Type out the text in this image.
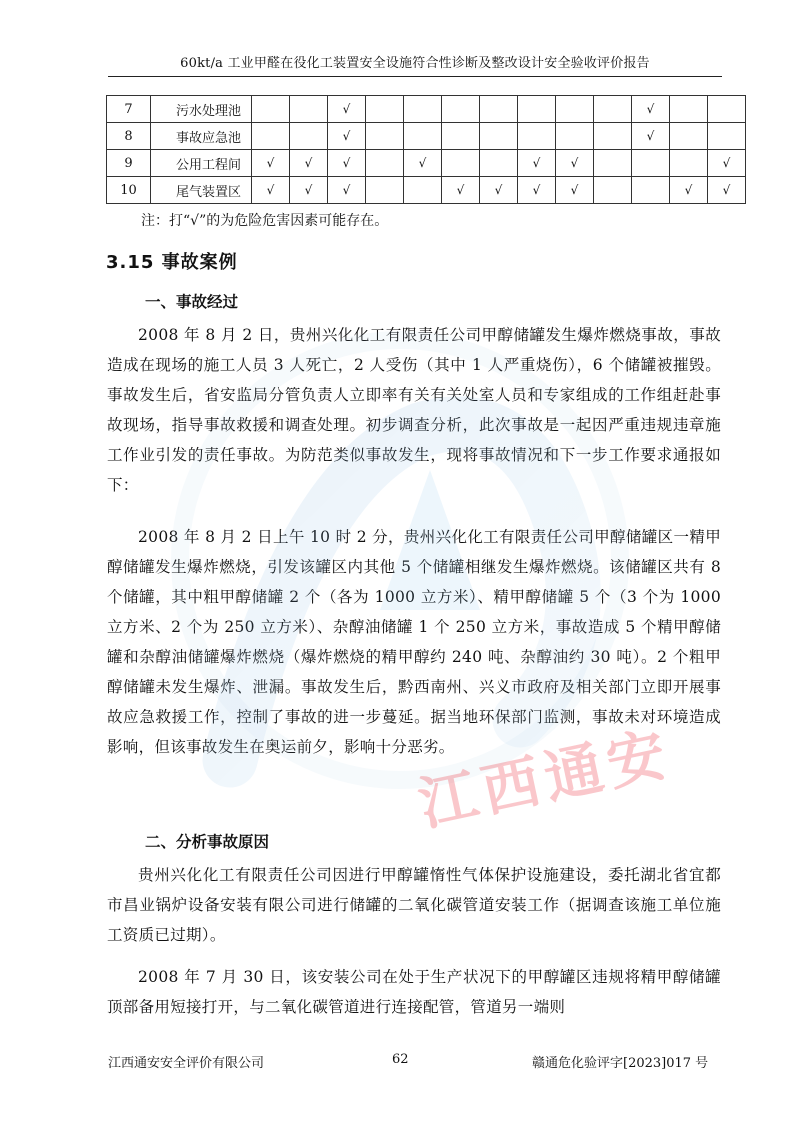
60kt/a 工业甲醛在役化工装置安全设施符合性诊断及整改设计安全验收评价报告
7	污水处理池			√								√		
8	事故应急池			√								√		
9	公用工程间	√	√	√		√			√	√				√
10	尾气装置区	√	√	√			√	√	√	√			√	√
注：打“√”的为危险危害因素可能存在。
3.15 事故案例
一、事故经过

2008 年 8 月 2 日，贵州兴化化工有限责任公司甲醇储罐发生爆炸燃烧事故，事故造成在现场的施工人员 3 人死亡，2 人受伤（其中 1 人严重烧伤），6 个储罐被摧毁。事故发生后，省安监局分管负责人立即率有关有关处室人员和专家组成的工作组赶赴事故现场，指导事故救援和调查处理。初步调查分析，此次事故是一起因严重违规违章施工作业引发的责任事故。为防范类似事故发生，现将事故情况和下一步工作要求通报如下：

2008 年 8 月 2 日上午 10 时 2 分，贵州兴化化工有限责任公司甲醇储罐区一精甲醇储罐发生爆炸燃烧，引发该罐区内其他 5 个储罐相继发生爆炸燃烧。该储罐区共有 8 个储罐，其中粗甲醇储罐 2 个（各为 1000 立方米）、精甲醇储罐 5 个（3 个为 1000 立方米、2 个为 250 立方米）、杂醇油储罐 1 个 250 立方米，事故造成 5 个精甲醇储罐和杂醇油储罐爆炸燃烧（爆炸燃烧的精甲醇约 240 吨、杂醇油约 30 吨）。2 个粗甲醇储罐未发生爆炸、泄漏。事故发生后，黔西南州、兴义市政府及相关部门立即开展事故应急救援工作，控制了事故的进一步蔓延。据当地环保部门监测，事故未对环境造成影响，但该事故发生在奥运前夕，影响十分恶劣。

二、分析事故原因

贵州兴化化工有限责任公司因进行甲醇罐惰性气体保护设施建设，委托湖北省宜都市昌业锅炉设备安装有限公司进行储罐的二氧化碳管道安装工作（据调查该施工单位施工资质已过期）。

2008 年 7 月 30 日，该安装公司在处于生产状况下的甲醇罐区违规将精甲醇储罐顶部备用短接打开，与二氧化碳管道进行连接配管，管道另一端则

江西通安安全评价有限公司	62	赣通危化验评字[2023]017 号
江西通安
